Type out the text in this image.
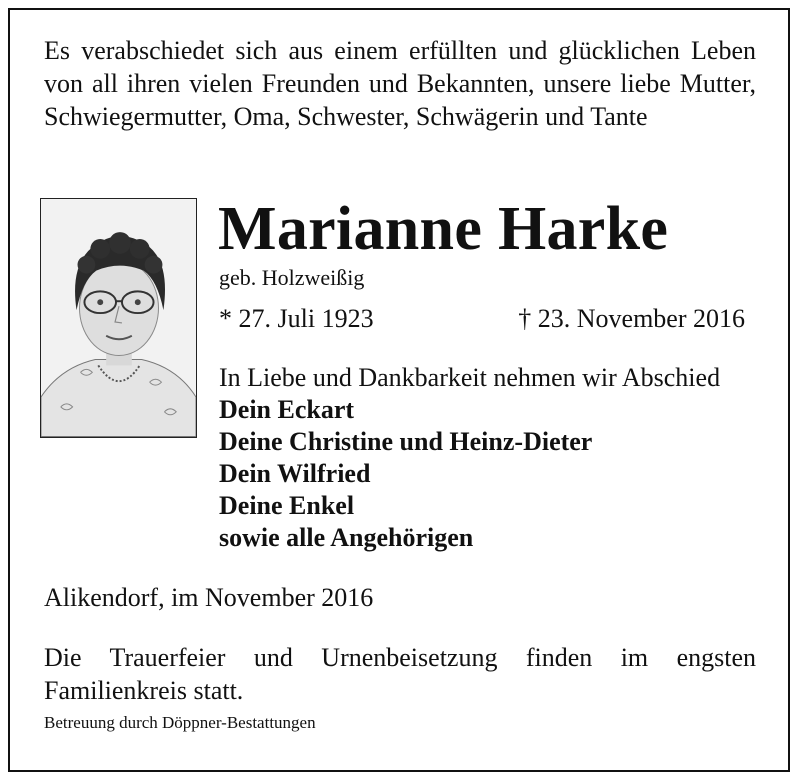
Es verabschiedet sich aus einem erfüllten und glücklichen Leben von all ihren vielen Freunden und Bekannten, unsere liebe Mutter, Schwiegermutter, Oma, Schwester, Schwägerin und Tante
Marianne Harke
geb. Holzweißig
* 27. Juli 1923	† 23. November 2016
In Liebe und Dankbarkeit nehmen wir Abschied
Dein Eckart
Deine Christine und Heinz-Dieter
Dein Wilfried
Deine Enkel
sowie alle Angehörigen
Alikendorf, im November 2016
Die Trauerfeier und Urnenbeisetzung finden im engsten Familienkreis statt.
Betreuung durch Döppner-Bestattungen
